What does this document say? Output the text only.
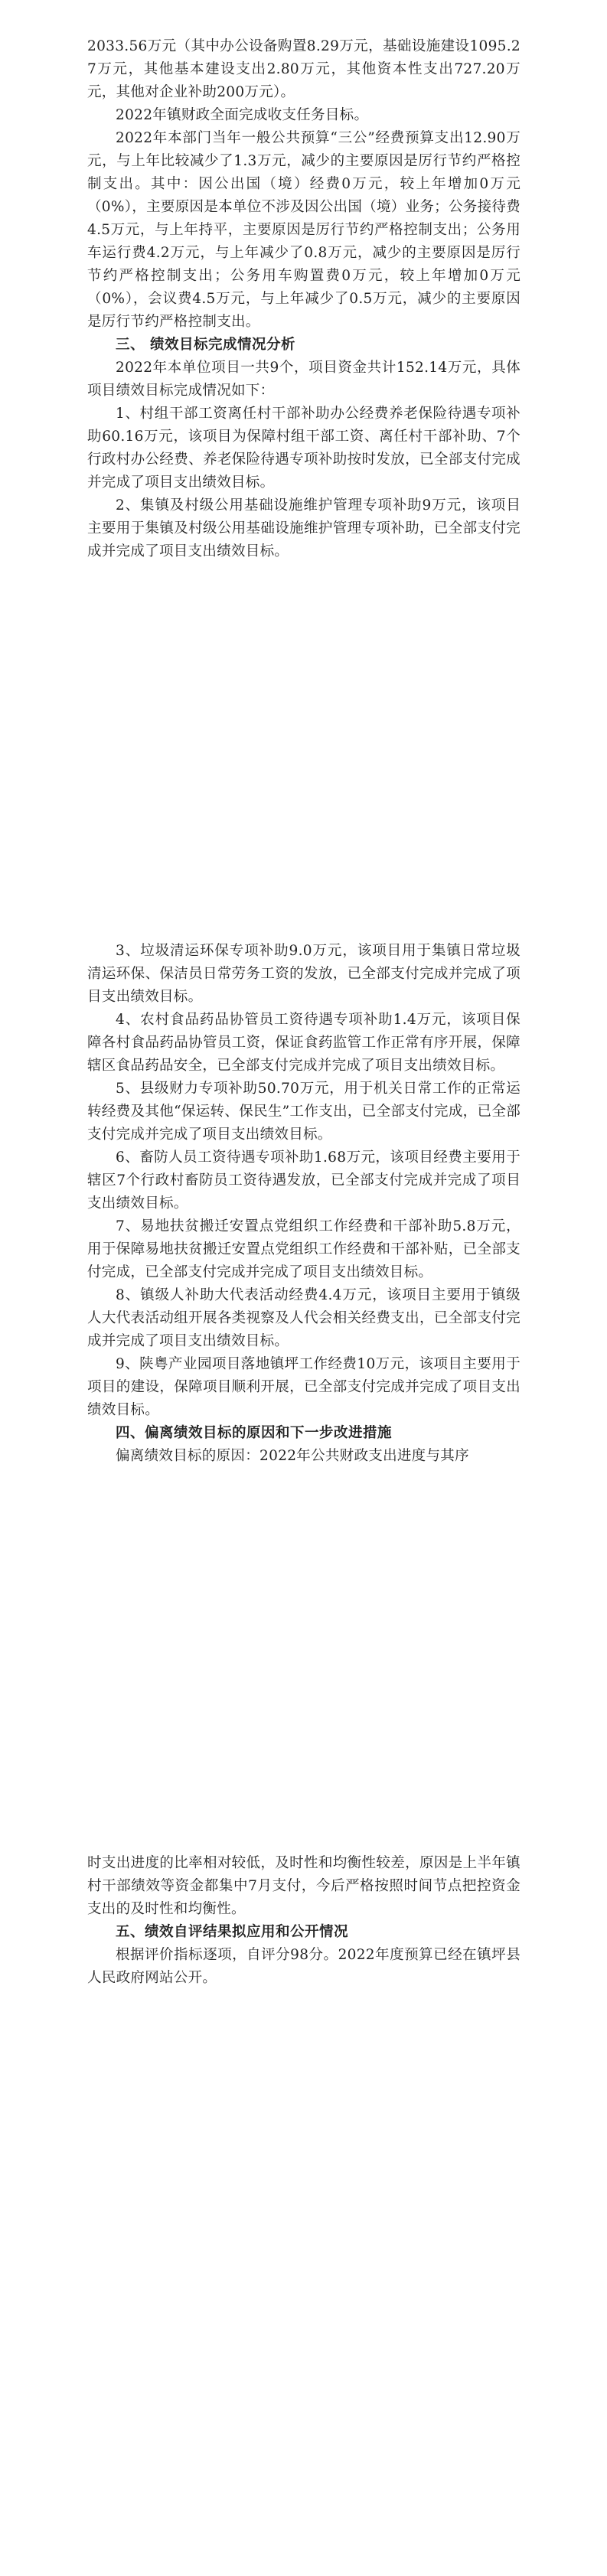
2033.56万元（其中办公设备购置8.29万元，基础设施建设1095.27万元，其他基本建设支出2.80万元，其他资本性支出727.20万元，其他对企业补助200万元）。

2022年镇财政全面完成收支任务目标。

2022年本部门当年一般公共预算“三公”经费预算支出12.90万元，与上年比较减少了1.3万元，减少的主要原因是厉行节约严格控制支出。其中：因公出国（境）经费0万元，较上年增加0万元（0%），主要原因是本单位不涉及因公出国（境）业务；公务接待费4.5万元，与上年持平，主要原因是厉行节约严格控制支出；公务用车运行费4.2万元，与上年减少了0.8万元，减少的主要原因是厉行节约严格控制支出；公务用车购置费0万元，较上年增加0万元（0%），会议费4.5万元，与上年减少了0.5万元，减少的主要原因是厉行节约严格控制支出。

三、 绩效目标完成情况分析

2022年本单位项目一共9个，项目资金共计152.14万元，具体项目绩效目标完成情况如下：

1、村组干部工资离任村干部补助办公经费养老保险待遇专项补助60.16万元，该项目为保障村组干部工资、离任村干部补助、7个行政村办公经费、养老保险待遇专项补助按时发放，已全部支付完成并完成了项目支出绩效目标。

2、集镇及村级公用基础设施维护管理专项补助9万元，该项目主要用于集镇及村级公用基础设施维护管理专项补助，已全部支付完成并完成了项目支出绩效目标。

3、垃圾清运环保专项补助9.0万元，该项目用于集镇日常垃圾清运环保、保洁员日常劳务工资的发放，已全部支付完成并完成了项目支出绩效目标。

4、农村食品药品协管员工资待遇专项补助1.4万元，该项目保障各村食品药品协管员工资，保证食药监管工作正常有序开展，保障辖区食品药品安全，已全部支付完成并完成了项目支出绩效目标。

5、县级财力专项补助50.70万元，用于机关日常工作的正常运转经费及其他“保运转、保民生”工作支出，已全部支付完成，已全部支付完成并完成了项目支出绩效目标。

6、畜防人员工资待遇专项补助1.68万元，该项目经费主要用于辖区7个行政村畜防员工资待遇发放，已全部支付完成并完成了项目支出绩效目标。

7、易地扶贫搬迁安置点党组织工作经费和干部补助5.8万元，用于保障易地扶贫搬迁安置点党组织工作经费和干部补贴，已全部支付完成，已全部支付完成并完成了项目支出绩效目标。

8、镇级人补助大代表活动经费4.4万元，该项目主要用于镇级人大代表活动组开展各类视察及人代会相关经费支出，已全部支付完成并完成了项目支出绩效目标。

9、陕粤产业园项目落地镇坪工作经费10万元，该项目主要用于项目的建设，保障项目顺利开展，已全部支付完成并完成了项目支出绩效目标。

四、偏离绩效目标的原因和下一步改进措施

偏离绩效目标的原因：2022年公共财政支出进度与其序

时支出进度的比率相对较低，及时性和均衡性较差，原因是上半年镇村干部绩效等资金都集中7月支付，今后严格按照时间节点把控资金支出的及时性和均衡性。

五、绩效自评结果拟应用和公开情况

根据评价指标逐项，自评分98分。2022年度预算已经在镇坪县人民政府网站公开。
